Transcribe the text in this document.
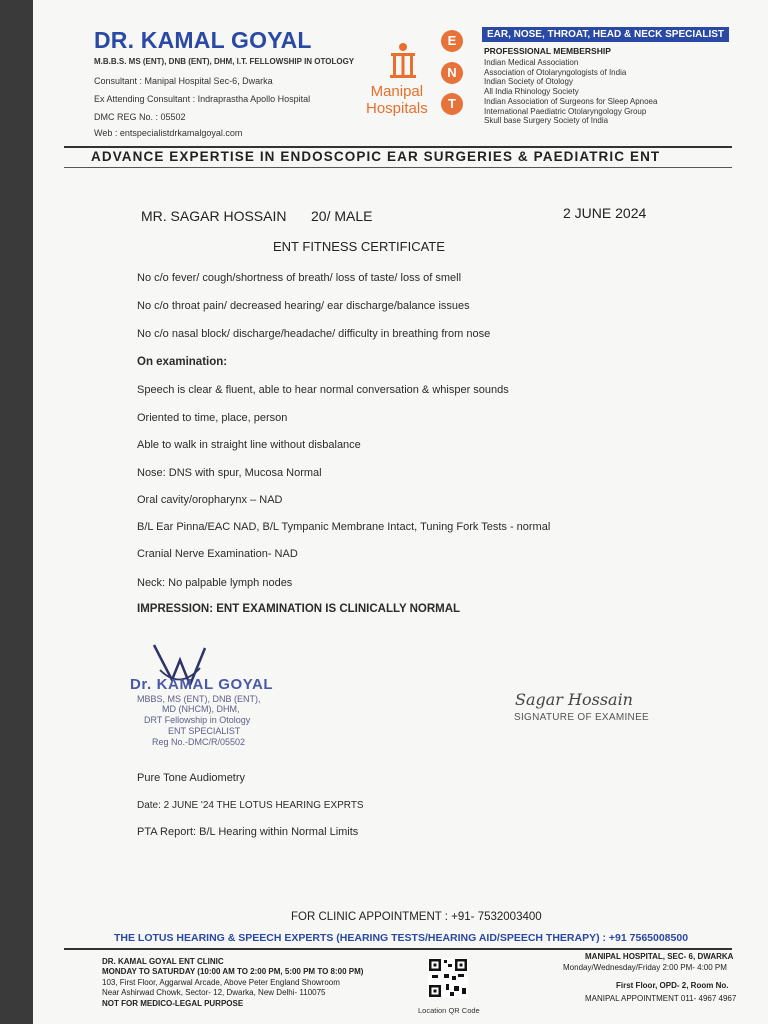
DR. KAMAL GOYAL
M.B.B.S. MS (ENT), DNB (ENT), DHM, I.T. FELLOWSHIP IN OTOLOGY
Consultant : Manipal Hospital Sec-6, Dwarka
Ex Attending Consultant : Indraprastha Apollo Hospital
DMC REG No. : 05502
Web : entspecialistdrkamalgoyal.com
Manipal
Hospitals
E
N
T
EAR, NOSE, THROAT, HEAD & NECK SPECIALIST
PROFESSIONAL MEMBERSHIP
Indian Medical Association
Association of Otolaryngologists of India
Indian Society of Otology
All India Rhinology Society
Indian Association of Surgeons for Sleep Apnoea
International Paediatric Otolaryngology Group
Skull base Surgery Society of India
ADVANCE EXPERTISE IN ENDOSCOPIC EAR SURGERIES & PAEDIATRIC ENT
MR. SAGAR HOSSAIN 20/ MALE	2 JUNE 2024
ENT FITNESS CERTIFICATE
No c/o fever/ cough/shortness of breath/ loss of taste/ loss of smell
No c/o throat pain/ decreased hearing/ ear discharge/balance issues
No c/o nasal block/ discharge/headache/ difficulty in breathing from nose
On examination:
Speech is clear & fluent, able to hear normal conversation & whisper sounds
Oriented to time, place, person
Able to walk in straight line without disbalance
Nose: DNS with spur, Mucosa Normal
Oral cavity/oropharynx – NAD
B/L Ear Pinna/EAC NAD, B/L Tympanic Membrane Intact, Tuning Fork Tests - normal
Cranial Nerve Examination- NAD
Neck: No palpable lymph nodes
IMPRESSION: ENT EXAMINATION IS CLINICALLY NORMAL
Dr. KAMAL GOYAL
MBBS, MS (ENT), DNB (ENT),
MD (NHCM), DHM,
DRT Fellowship in Otology
ENT SPECIALIST
Reg No.-DMC/R/05502
Sagar Hossain
SIGNATURE OF EXAMINEE
Pure Tone Audiometry
Date: 2 JUNE '24 THE LOTUS HEARING EXPRTS
PTA Report: B/L Hearing within Normal Limits
FOR CLINIC APPOINTMENT : +91- 7532003400
THE LOTUS HEARING & SPEECH EXPERTS (HEARING TESTS/HEARING AID/SPEECH THERAPY) : +91 7565008500
DR. KAMAL GOYAL ENT CLINIC
MONDAY TO SATURDAY (10:00 AM TO 2:00 PM, 5:00 PM TO 8:00 PM)
103, First Floor, Aggarwal Arcade, Above Peter England Showroom
Near Ashirwad Chowk, Sector- 12, Dwarka, New Delhi- 110075
NOT FOR MEDICO-LEGAL PURPOSE
Location QR Code
MANIPAL HOSPITAL, SEC- 6, DWARKA
Monday/Wednesday/Friday 2:00 PM- 4:00 PM
First Floor, OPD- 2, Room No.
MANIPAL APPOINTMENT 011- 4967 4967
